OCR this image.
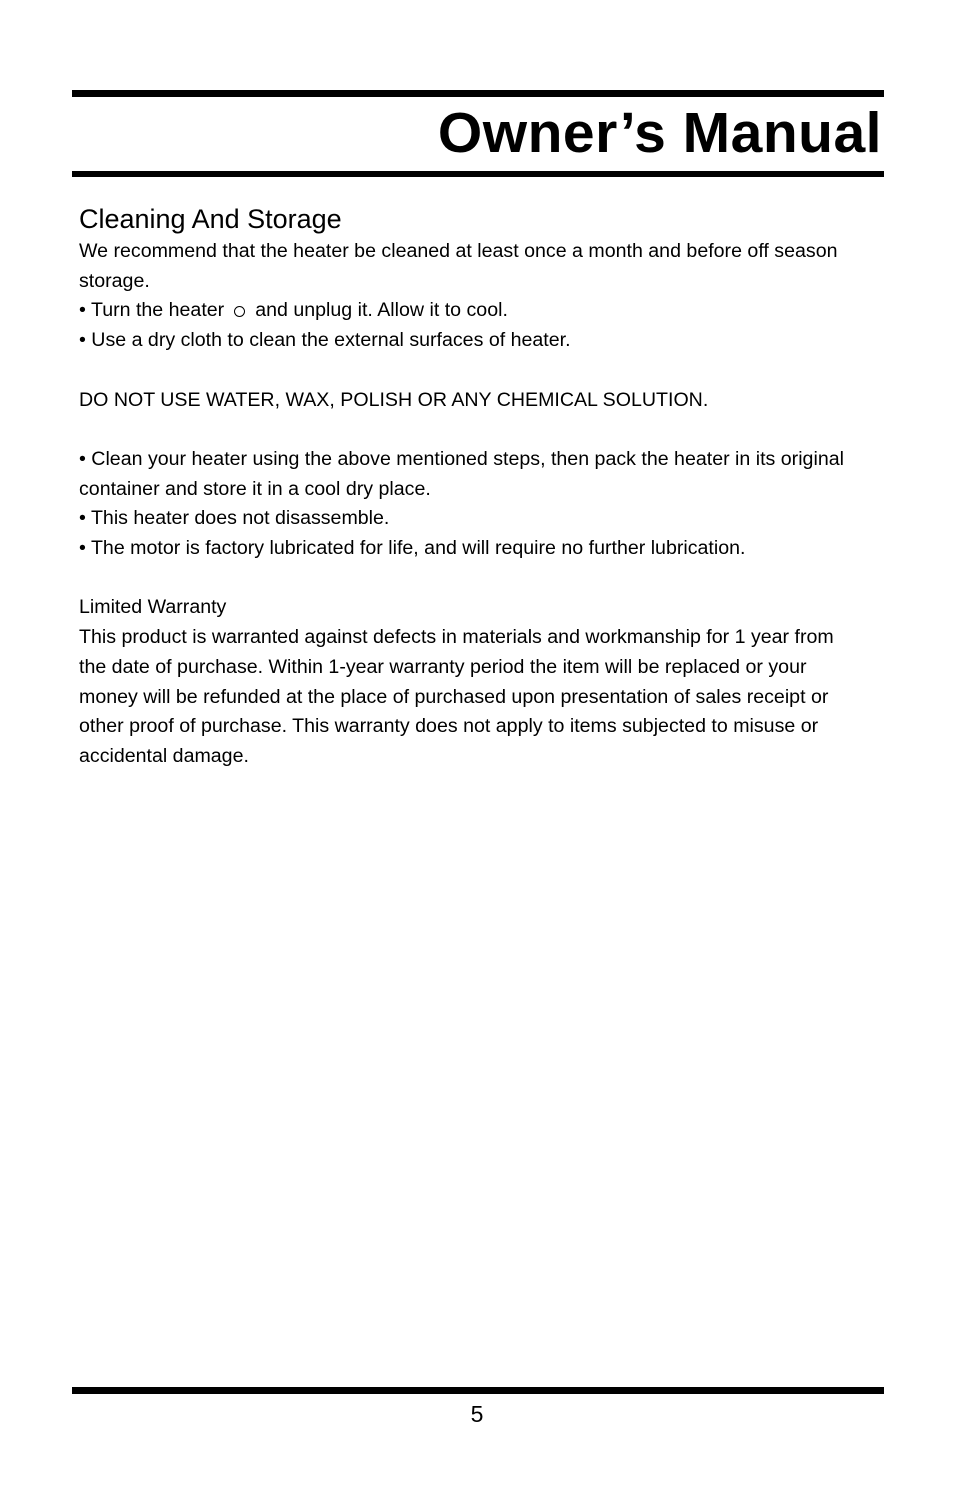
Owner’s Manual
Cleaning And Storage

We recommend that the heater be cleaned at least once a month and before off season

storage.

• Turn the heater and unplug it. Allow it to cool.

• Use a dry cloth to clean the external surfaces of heater.

DO NOT USE WATER, WAX, POLISH OR ANY CHEMICAL SOLUTION.

• Clean your heater using the above mentioned steps, then pack the heater in its original

container and store it in a cool dry place.

• This heater does not disassemble.

• The motor is factory lubricated for life, and will require no further lubrication.

Limited Warranty

This product is warranted against defects in materials and workmanship for 1 year from

the date of purchase. Within 1-year warranty period the item will be replaced or your

money will be refunded at the place of purchased upon presentation of sales receipt or

other proof of purchase. This warranty does not apply to items subjected to misuse or

accidental damage.

5
